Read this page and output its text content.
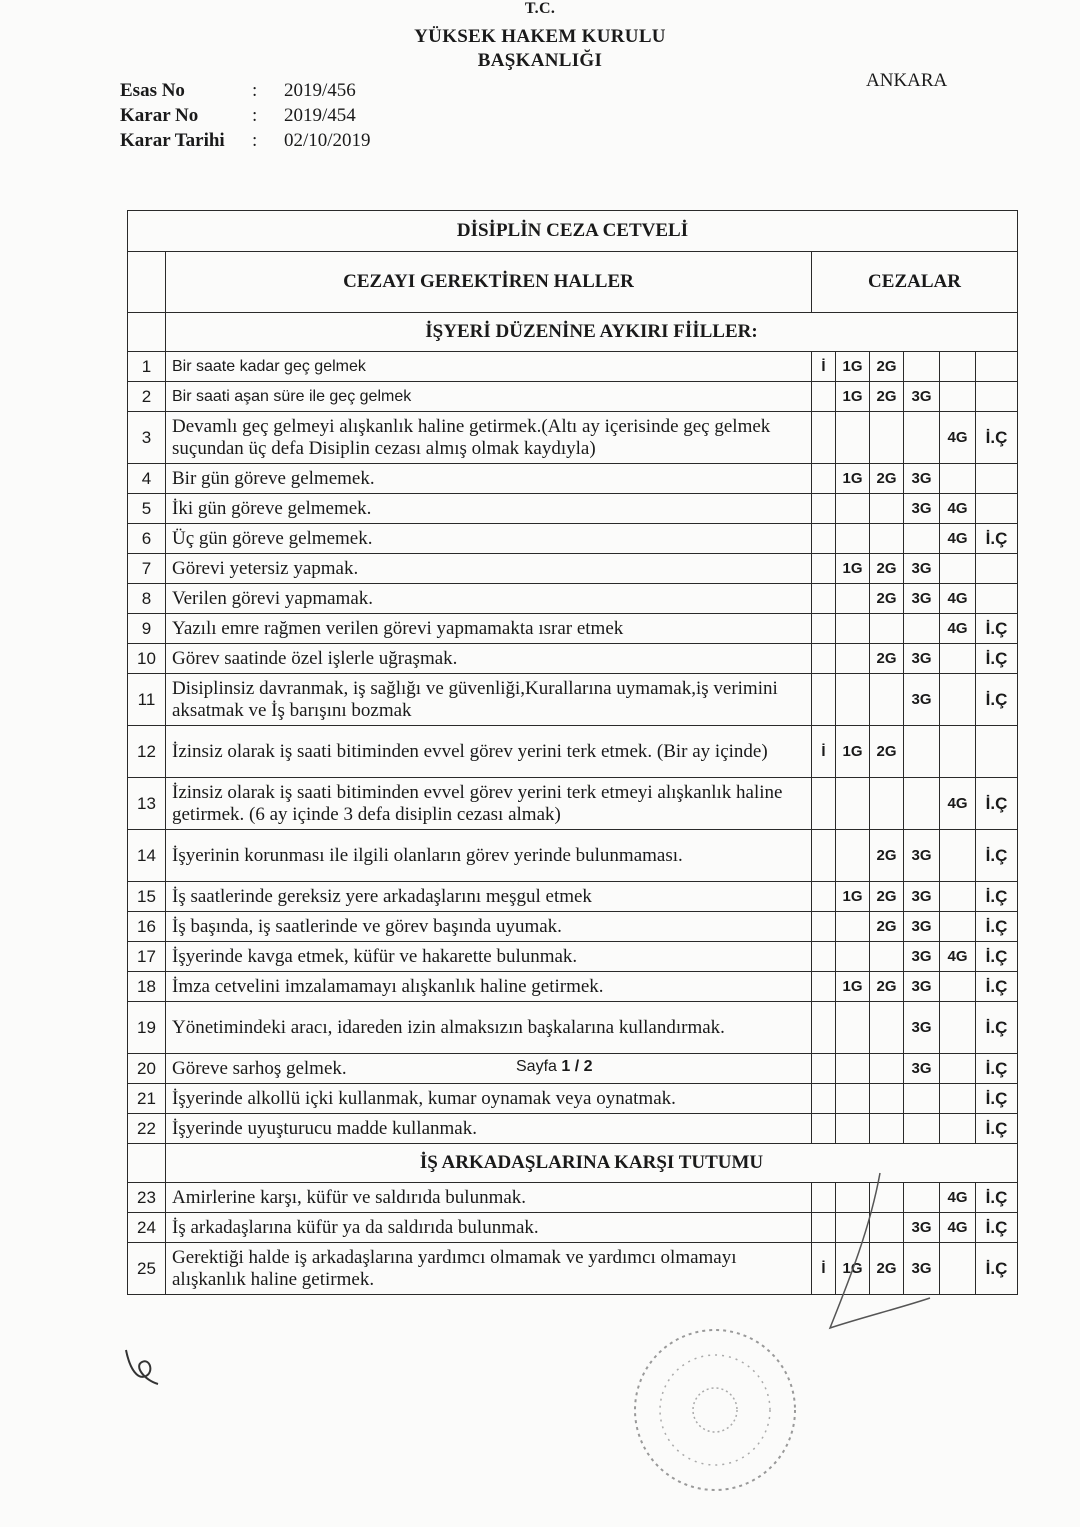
T.C.
YÜKSEK HAKEM KURULU
BAŞKANLIĞI
ANKARA
Esas No	:	2019/456
Karar No	:	2019/454
Karar Tarihi	:	02/10/2019
DİSİPLİN CEZA CETVELİ							
	CEZAYI GEREKTİREN HALLER	CEZALAR					
	İŞYERİ DÜZENİNE AYKIRI FİİLLER:						
1	Bir saate kadar geç gelmek	İ	1G	2G			
2	Bir saati aşan süre ile geç gelmek		1G	2G	3G		
3	Devamlı geç gelmeyi alışkanlık haline getirmek.(Altı ay içerisinde geç gelmek suçundan üç defa Disiplin cezası almış olmak kaydıyla)					4G	İ.Ç
4	Bir gün göreve gelmemek.		1G	2G	3G		
5	İki gün göreve gelmemek.				3G	4G	
6	Üç gün göreve gelmemek.					4G	İ.Ç
7	Görevi yetersiz yapmak.		1G	2G	3G		
8	Verilen görevi yapmamak.			2G	3G	4G	
9	Yazılı emre rağmen verilen görevi yapmamakta ısrar etmek					4G	İ.Ç
10	Görev saatinde özel işlerle uğraşmak.			2G	3G		İ.Ç
11	Disiplinsiz davranmak, iş sağlığı ve güvenliği,Kurallarına uymamak,iş verimini aksatmak ve İş barışını bozmak				3G		İ.Ç
12	İzinsiz olarak iş saati bitiminden evvel görev yerini terk etmek. (Bir ay içinde)	İ	1G	2G			
13	İzinsiz olarak iş saati bitiminden evvel görev yerini terk etmeyi alışkanlık haline getirmek. (6 ay içinde 3 defa disiplin cezası almak)					4G	İ.Ç
14	İşyerinin korunması ile ilgili olanların görev yerinde bulunmaması.			2G	3G		İ.Ç
15	İş saatlerinde gereksiz yere arkadaşlarını meşgul etmek		1G	2G	3G		İ.Ç
16	İş başında, iş saatlerinde ve görev başında uyumak.			2G	3G		İ.Ç
17	İşyerinde kavga etmek, küfür ve hakarette bulunmak.				3G	4G	İ.Ç
18	İmza cetvelini imzalamamayı alışkanlık haline getirmek.		1G	2G	3G		İ.Ç
19	Yönetimindeki aracı, idareden izin almaksızın başkalarına kullandırmak.				3G		İ.Ç
20	Göreve sarhoş gelmek.				3G		İ.Ç
21	İşyerinde alkollü içki kullanmak, kumar oynamak veya oynatmak.						İ.Ç
22	İşyerinde uyuşturucu madde kullanmak.						İ.Ç
	İŞ ARKADAŞLARINA KARŞI TUTUMU						
23	Amirlerine karşı, küfür ve saldırıda bulunmak.					4G	İ.Ç
24	İş arkadaşlarına küfür ya da saldırıda bulunmak.				3G	4G	İ.Ç
25	Gerektiği halde iş arkadaşlarına yardımcı olmamak ve yardımcı olmamayı alışkanlık haline getirmek.	İ	1G	2G	3G		İ.Ç
Sayfa 1 / 2
